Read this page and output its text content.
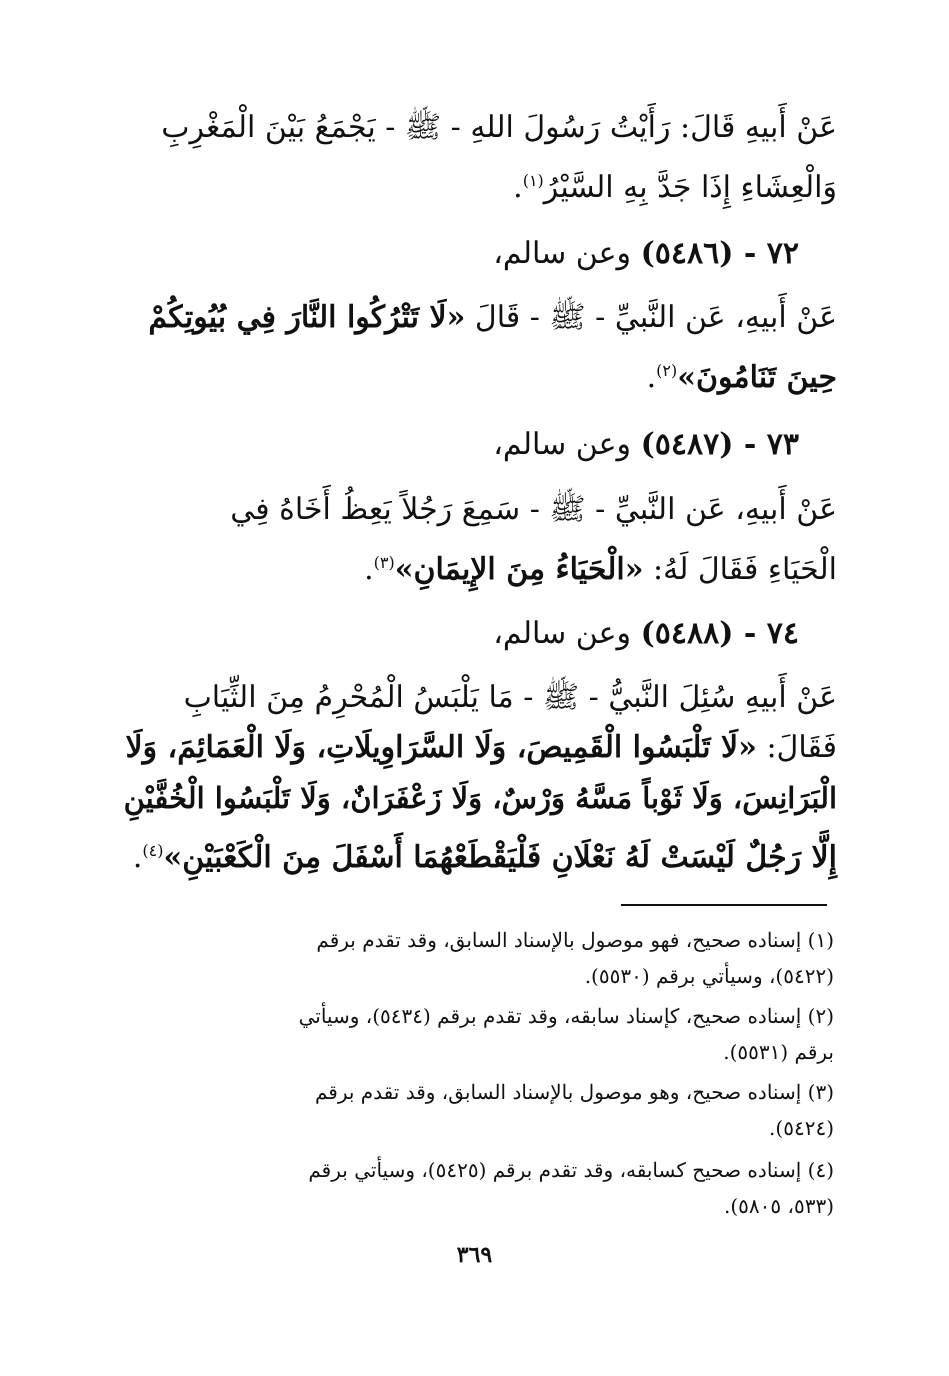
عَنْ أَبيهِ قَالَ: رَأَيْتُ رَسُولَ اللهِ - ﷺ - يَجْمَعُ بَيْنَ الْمَغْرِبِ
وَالْعِشَاءِ إِذَا جَدَّ بِهِ السَّيْرُ$^{(١)}$.
٧٢ - (٥٤٨٦) وعن سالم،
عَنْ أَبيهِ، عَن النَّبيِّ - ﷺ - قَالَ «لَا تَتْرُكُوا النَّارَ فِي بُيُوتِكُمْ
حِينَ تَنَامُونَ»$^{(٢)}$.
٧٣ - (٥٤٨٧) وعن سالم،
عَنْ أَبيهِ، عَن النَّبيِّ - ﷺ - سَمِعَ رَجُلاً يَعِظُ أَخَاهُ فِي
الْحَيَاءِ فَقَالَ لَهُ: «الْحَيَاءُ مِنَ الإِيمَانِ»$^{(٣)}$.
٧٤ - (٥٤٨٨) وعن سالم،
عَنْ أَبيهِ سُئِلَ النَّبيُّ - ﷺ - مَا يَلْبَسُ الْمُحْرِمُ مِنَ الثِّيَابِ
فَقَالَ: «لَا تَلْبَسُوا الْقَمِيصَ، وَلَا السَّرَاوِيلَاتِ، وَلَا الْعَمَائِمَ، وَلَا
الْبَرَانِسَ، وَلَا ثَوْباً مَسَّهُ وَرْسٌ، وَلَا زَعْفَرَانٌ، وَلَا تَلْبَسُوا الْخُفَّيْنِ
إِلَّا رَجُلٌ لَيْسَتْ لَهُ نَعْلَانِ فَلْيَقْطَعْهُمَا أَسْفَلَ مِنَ الْكَعْبَيْنِ»$^{(٤)}$.
(١) إسناده صحيح، فهو موصول بالإسناد السابق، وقد تقدم برقم
(٥٤٢٢)، وسيأتي برقم (٥٥٣٠).
(٢) إسناده صحيح، كإسناد سابقه، وقد تقدم برقم (٥٤٣٤)، وسيأتي
برقم (٥٥٣١).
(٣) إسناده صحيح، وهو موصول بالإسناد السابق، وقد تقدم برقم
(٥٤٢٤).
(٤) إسناده صحيح كسابقه، وقد تقدم برقم (٥٤٢٥)، وسيأتي برقم
(٥٣٣، ٥٨٠٥).
٣٦٩
